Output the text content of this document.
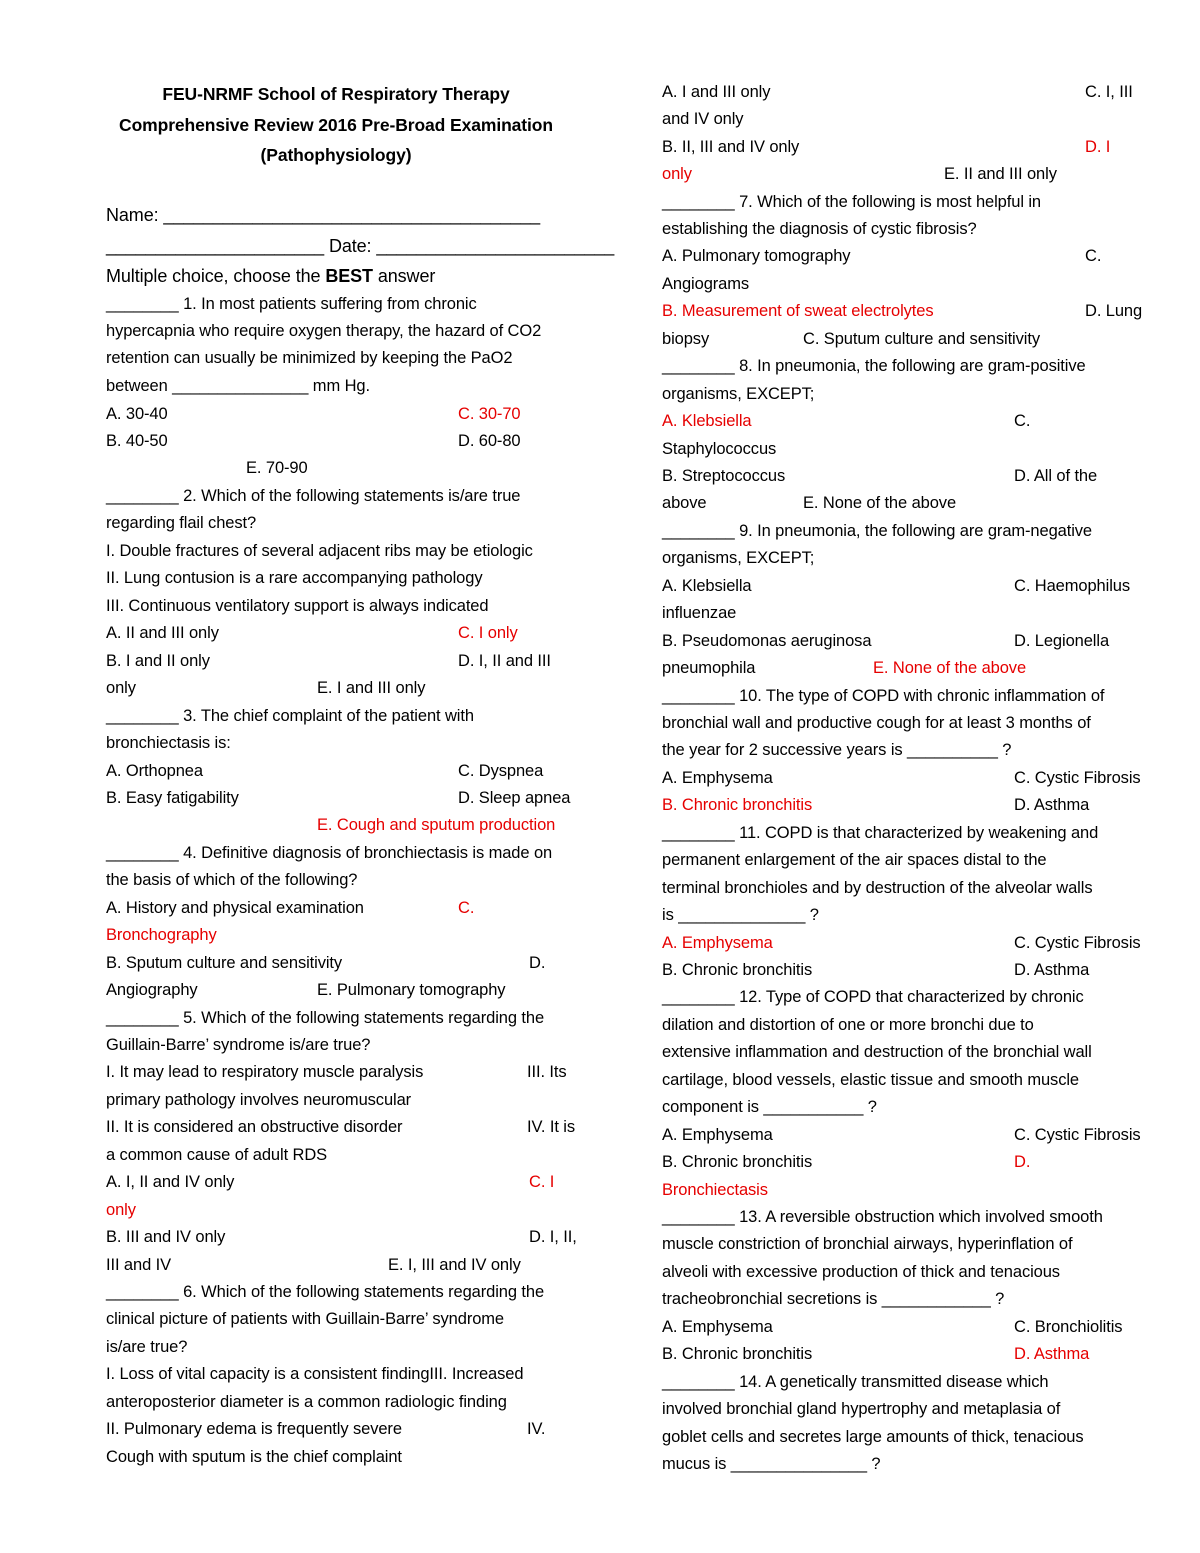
FEU-NRMF School of Respiratory Therapy
Comprehensive Review 2016 Pre-Broad Examination
(Pathophysiology)
Name: ______________________________________
______________________ Date: ________________________
Multiple choice, choose the BEST answer
________ 1. In most patients suffering from chronic
hypercapnia who require oxygen therapy, the hazard of CO2
retention can usually be minimized by keeping the PaO2
between _______________ mm Hg.
A. 30-40	C. 30-70
B. 40-50	D. 60-80
E. 70-90
________ 2. Which of the following statements is/are true
regarding flail chest?
I. Double fractures of several adjacent ribs may be etiologic
II. Lung contusion is a rare accompanying pathology
III. Continuous ventilatory support is always indicated
A. II and III only	C. I only
B. I and II only	D. I, II and III
only	E. I and III only
________ 3. The chief complaint of the patient with
bronchiectasis is:
A. Orthopnea	C. Dyspnea
B. Easy fatigability	D. Sleep apnea
E. Cough and sputum production
________ 4. Definitive diagnosis of bronchiectasis is made on
the basis of which of the following?
A. History and physical examination	C.
Bronchography
B. Sputum culture and sensitivity	D.
Angiography	E. Pulmonary tomography
________ 5. Which of the following statements regarding the
Guillain-Barre’ syndrome is/are true?
I. It may lead to respiratory muscle paralysis	III. Its
primary pathology involves neuromuscular
II. It is considered an obstructive disorder	IV. It is
a common cause of adult RDS
A. I, II and IV only	C. I
only
B. III and IV only	D. I, II,
III and IV	E. I, III and IV only
________ 6. Which of the following statements regarding the
clinical picture of patients with Guillain-Barre’ syndrome
is/are true?
I. Loss of vital capacity is a consistent findingIII. Increased
anteroposterior diameter is a common radiologic finding
II. Pulmonary edema is frequently severe	IV.
Cough with sputum is the chief complaint
A. I and III only	C. I, III
and IV only
B. II, III and IV only	D. I
only	E. II and III only
________ 7. Which of the following is most helpful in
establishing the diagnosis of cystic fibrosis?
A. Pulmonary tomography	C.
Angiograms
B. Measurement of sweat electrolytes	D. Lung
biopsy	C. Sputum culture and sensitivity
________ 8. In pneumonia, the following are gram-positive
organisms, EXCEPT;
A. Klebsiella	C.
Staphylococcus
B. Streptococcus	D. All of the
above	E. None of the above
________ 9. In pneumonia, the following are gram-negative
organisms, EXCEPT;
A. Klebsiella	C. Haemophilus
influenzae
B. Pseudomonas aeruginosa	D. Legionella
pneumophila	E. None of the above
________ 10. The type of COPD with chronic inflammation of
bronchial wall and productive cough for at least 3 months of
the year for 2 successive years is __________ ?
A. Emphysema	C. Cystic Fibrosis
B. Chronic bronchitis	D. Asthma
________ 11. COPD is that characterized by weakening and
permanent enlargement of the air spaces distal to the
terminal bronchioles and by destruction of the alveolar walls
is ______________ ?
A. Emphysema	C. Cystic Fibrosis
B. Chronic bronchitis	D. Asthma
________ 12. Type of COPD that characterized by chronic
dilation and distortion of one or more bronchi due to
extensive inflammation and destruction of the bronchial wall
cartilage, blood vessels, elastic tissue and smooth muscle
component is ___________ ?
A. Emphysema	C. Cystic Fibrosis
B. Chronic bronchitis	D.
Bronchiectasis
________ 13. A reversible obstruction which involved smooth
muscle constriction of bronchial airways, hyperinflation of
alveoli with excessive production of thick and tenacious
tracheobronchial secretions is ____________ ?
A. Emphysema	C. Bronchiolitis
B. Chronic bronchitis	D. Asthma
________ 14. A genetically transmitted disease which
involved bronchial gland hypertrophy and metaplasia of
goblet cells and secretes large amounts of thick, tenacious
mucus is _______________ ?
